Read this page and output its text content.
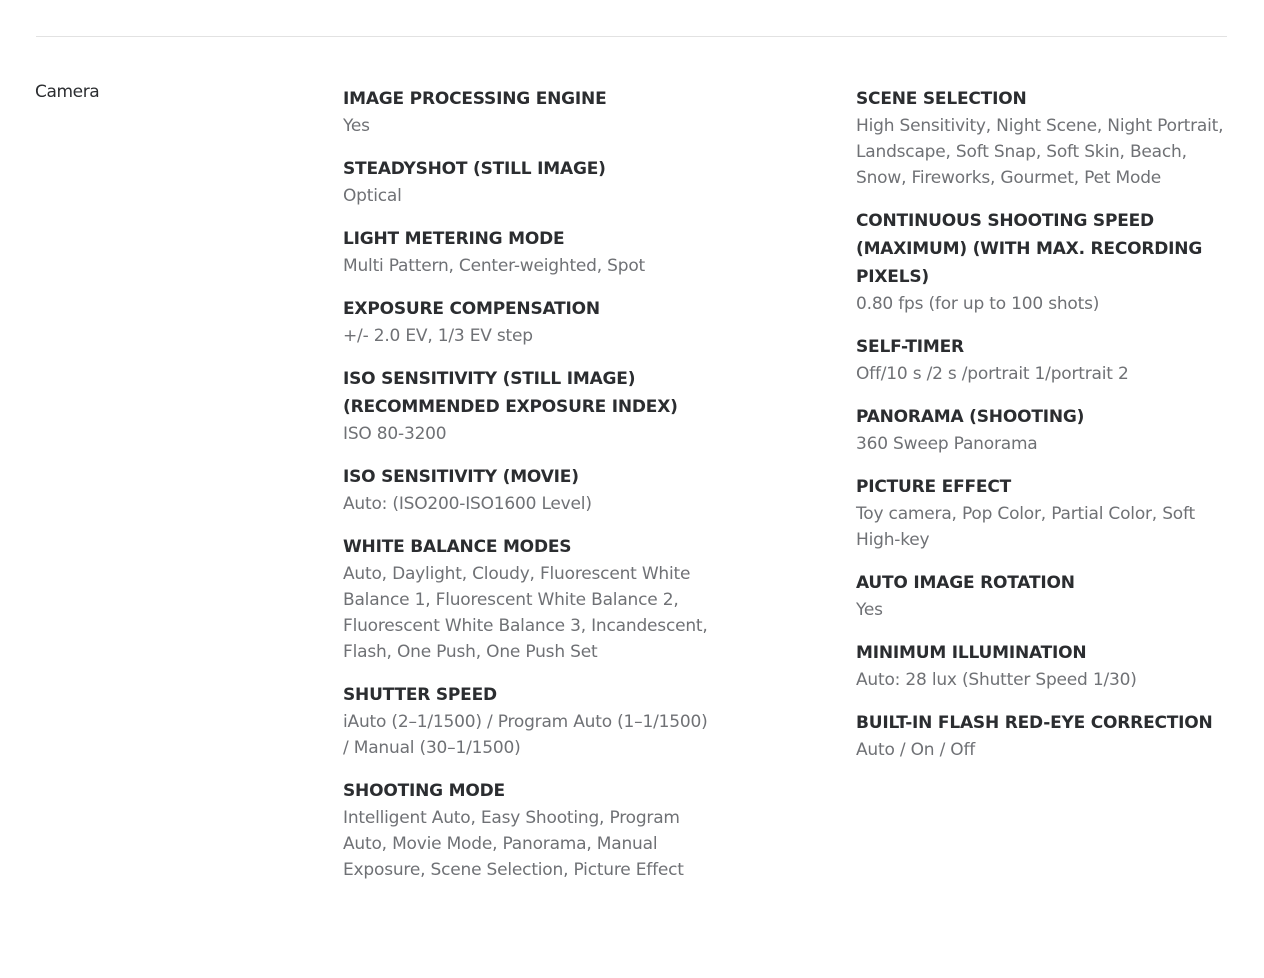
Camera	IMAGE PROCESSING ENGINE
Yes
STEADYSHOT (STILL IMAGE)
Optical
LIGHT METERING MODE
Multi Pattern, Center-weighted, Spot
EXPOSURE COMPENSATION
+/- 2.0 EV, 1/3 EV step
ISO SENSITIVITY (STILL IMAGE)
(RECOMMENDED EXPOSURE INDEX)
ISO 80-3200
ISO SENSITIVITY (MOVIE)
Auto: (ISO200-ISO1600 Level)
WHITE BALANCE MODES
Auto, Daylight, Cloudy, Fluorescent White
Balance 1, Fluorescent White Balance 2,
Fluorescent White Balance 3, Incandescent,
Flash, One Push, One Push Set
SHUTTER SPEED
iAuto (2–1/1500) / Program Auto (1–1/1500)
/ Manual (30–1/1500)
SHOOTING MODE
Intelligent Auto, Easy Shooting, Program
Auto, Movie Mode, Panorama, Manual
Exposure, Scene Selection, Picture Effect
SCENE SELECTION
High Sensitivity, Night Scene, Night Portrait,
Landscape, Soft Snap, Soft Skin, Beach,
Snow, Fireworks, Gourmet, Pet Mode
CONTINUOUS SHOOTING SPEED
(MAXIMUM) (WITH MAX. RECORDING
PIXELS)
0.80 fps (for up to 100 shots)
SELF-TIMER
Off/10 s /2 s /portrait 1/portrait 2
PANORAMA (SHOOTING)
360 Sweep Panorama
PICTURE EFFECT
Toy camera, Pop Color, Partial Color, Soft
High-key
AUTO IMAGE ROTATION
Yes
MINIMUM ILLUMINATION
Auto: 28 lux (Shutter Speed 1/30)
BUILT-IN FLASH RED-EYE CORRECTION
Auto / On / Off
